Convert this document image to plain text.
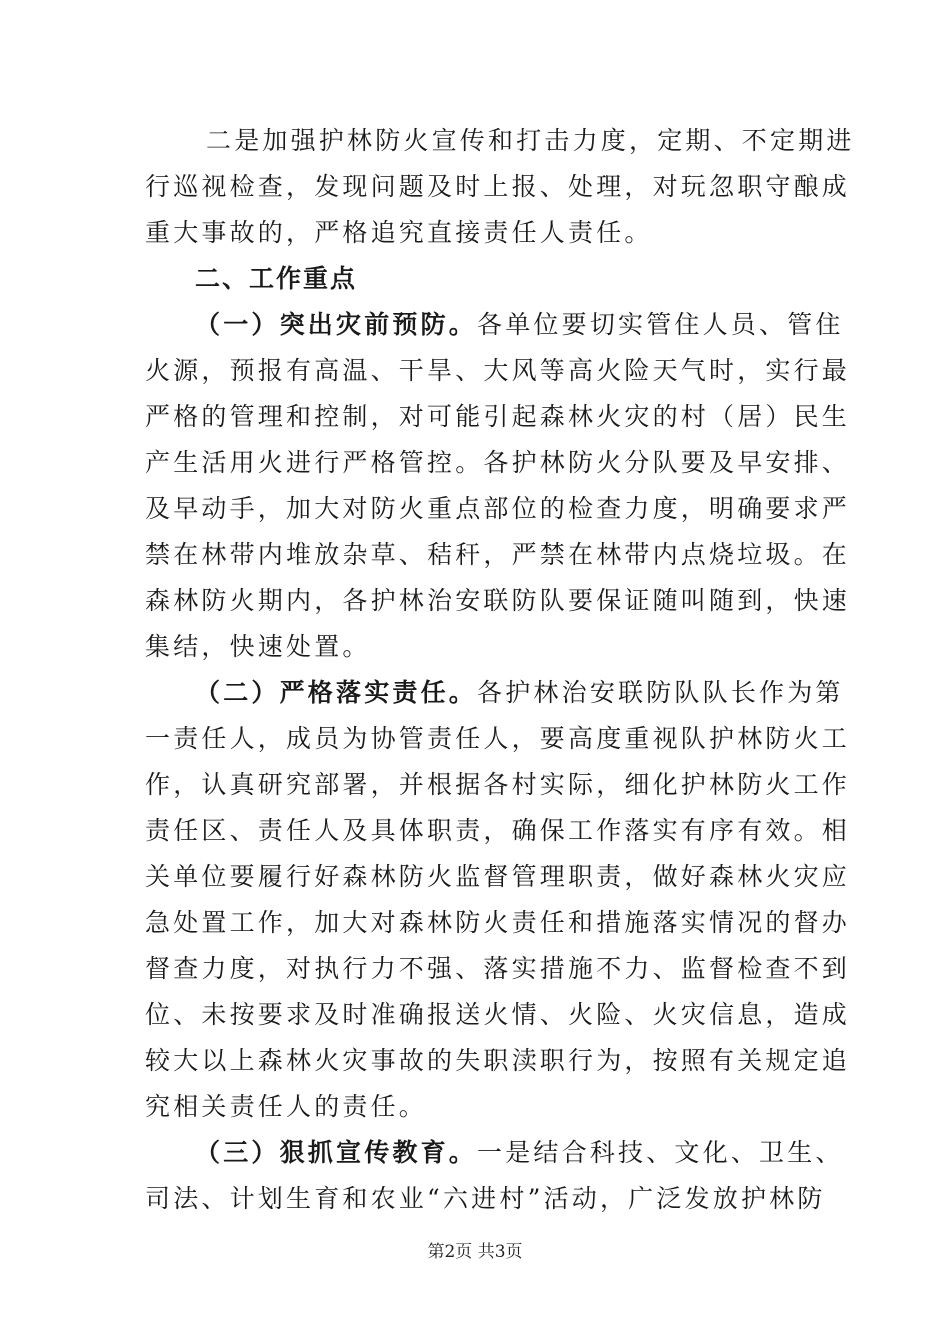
二是加强护林防火宣传和打击力度，定期、不定期进
行巡视检查，发现问题及时上报、处理，对玩忽职守酿成
重大事故的，严格追究直接责任人责任。
二、工作重点
（一）突出灾前预防。各单位要切实管住人员、管住
火源，预报有高温、干旱、大风等高火险天气时，实行最
严格的管理和控制，对可能引起森林火灾的村（居）民生
产生活用火进行严格管控。各护林防火分队要及早安排、
及早动手，加大对防火重点部位的检查力度，明确要求严
禁在林带内堆放杂草、秸秆，严禁在林带内点烧垃圾。在
森林防火期内，各护林治安联防队要保证随叫随到，快速
集结，快速处置。
（二）严格落实责任。各护林治安联防队队长作为第
一责任人，成员为协管责任人，要高度重视队护林防火工
作，认真研究部署，并根据各村实际，细化护林防火工作
责任区、责任人及具体职责，确保工作落实有序有效。相
关单位要履行好森林防火监督管理职责，做好森林火灾应
急处置工作，加大对森林防火责任和措施落实情况的督办
督查力度，对执行力不强、落实措施不力、监督检查不到
位、未按要求及时准确报送火情、火险、火灾信息，造成
较大以上森林火灾事故的失职渎职行为，按照有关规定追
究相关责任人的责任。
（三）狠抓宣传教育。一是结合科技、文化、卫生、
司法、计划生育和农业“六进村”活动，广泛发放护林防
第2页 共3页
